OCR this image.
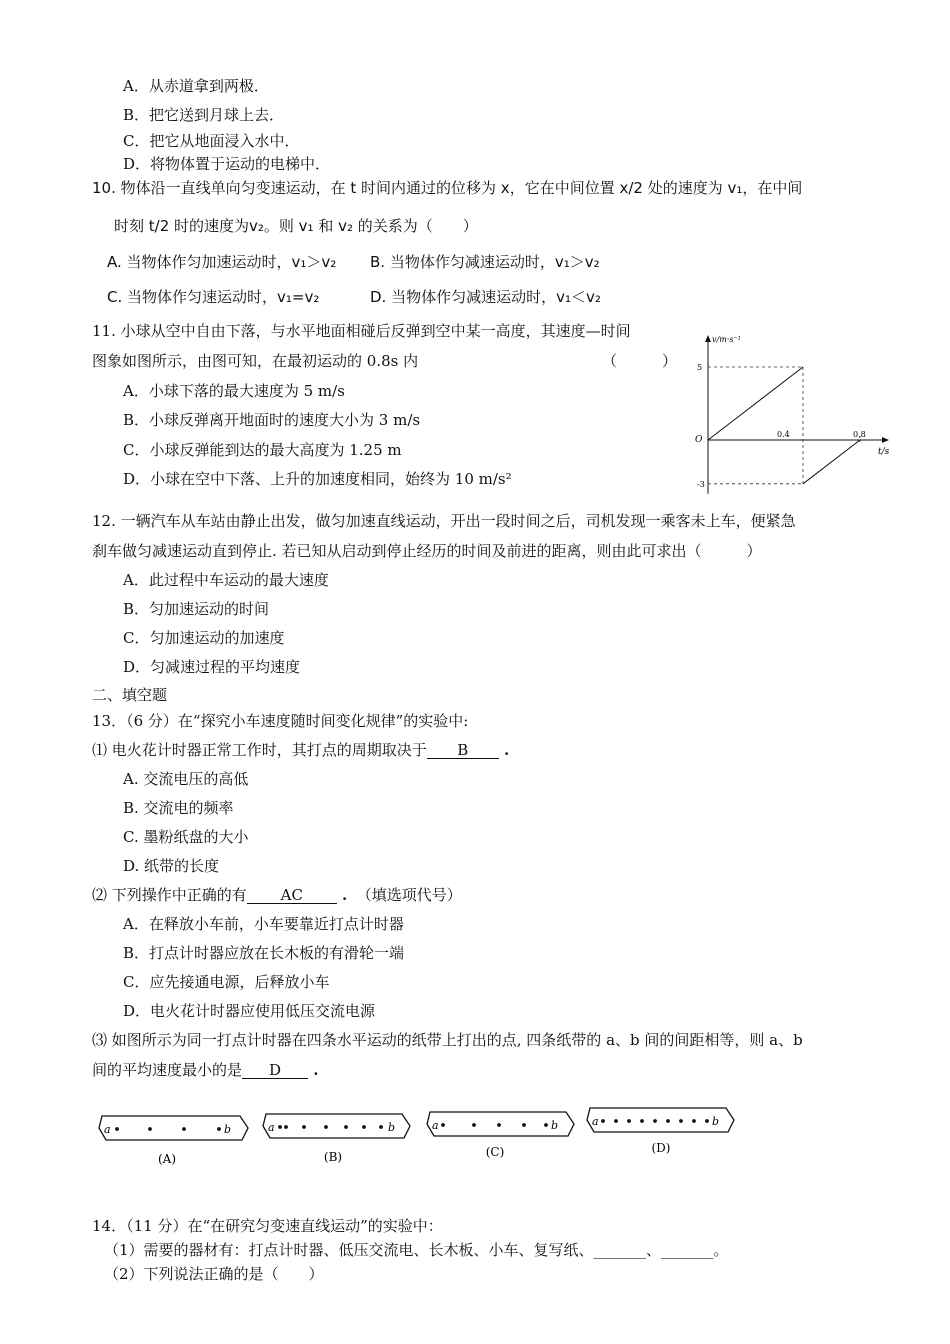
A．从赤道拿到两极．
B．把它送到月球上去．
C．把它从地面浸入水中．
D．将物体置于运动的电梯中．
10. 物体沿一直线单向匀变速运动，在 t 时间内通过的位移为 x，它在中间位置 x/2 处的速度为 v₁，在中间
时刻 t/2 时的速度为v₂。则 v₁ 和 v₂ 的关系为（　　）
A. 当物体作匀加速运动时，v₁＞v₂ B. 当物体作匀减速运动时，v₁＞v₂
C. 当物体作匀速运动时，v₁=v₂	D. 当物体作匀减速运动时，v₁＜v₂
11. 小球从空中自由下落，与水平地面相碰后反弹到空中某一高度，其速度—时间
图象如图所示，由图可知，在最初运动的 0.8s 内	（　　　）
A．小球下落的最大速度为 5 m/s
B．小球反弹离开地面时的速度大小为 3 m/s
C．小球反弹能到达的最大高度为 1.25 m
D．小球在空中下落、上升的加速度相同，始终为 10 m/s²
v/m·s⁻¹
t/s
O
5
-3
0.4	0.8
12. 一辆汽车从车站由静止出发，做匀加速直线运动，开出一段时间之后，司机发现一乘客未上车，便紧急
刹车做匀减速运动直到停止. 若已知从启动到停止经历的时间及前进的距离，则由此可求出（　　　）
A．此过程中车运动的最大速度
B．匀加速运动的时间
C．匀加速运动的加速度
D．匀减速过程的平均速度
二、填空题
13．（6 分）在“探究小车速度随时间变化规律”的实验中:
⑴ 电火花计时器正常工作时，其打点的周期取决于 B .
A. 交流电压的高低
B. 交流电的频率
C. 墨粉纸盘的大小
D. 纸带的长度
⑵ 下列操作中正确的有 AC . （填选项代号）
A．在释放小车前，小车要靠近打点计时器
B．打点计时器应放在长木板的有滑轮一端
C．应先接通电源，后释放小车
D．电火花计时器应使用低压交流电源
⑶ 如图所示为同一打点计时器在四条水平运动的纸带上打出的点, 四条纸带的 a、b 间的间距相等，则 a、b
间的平均速度最小的是 D .
a	b
(A)
a	b
(B)
a	b
(C)
a	b
(D)
14．（11 分）在“在研究匀变速直线运动”的实验中：
（1）需要的器材有：打点计时器、低压交流电、长木板、小车、复写纸、_______、_______。
（2）下列说法正确的是（　　）
